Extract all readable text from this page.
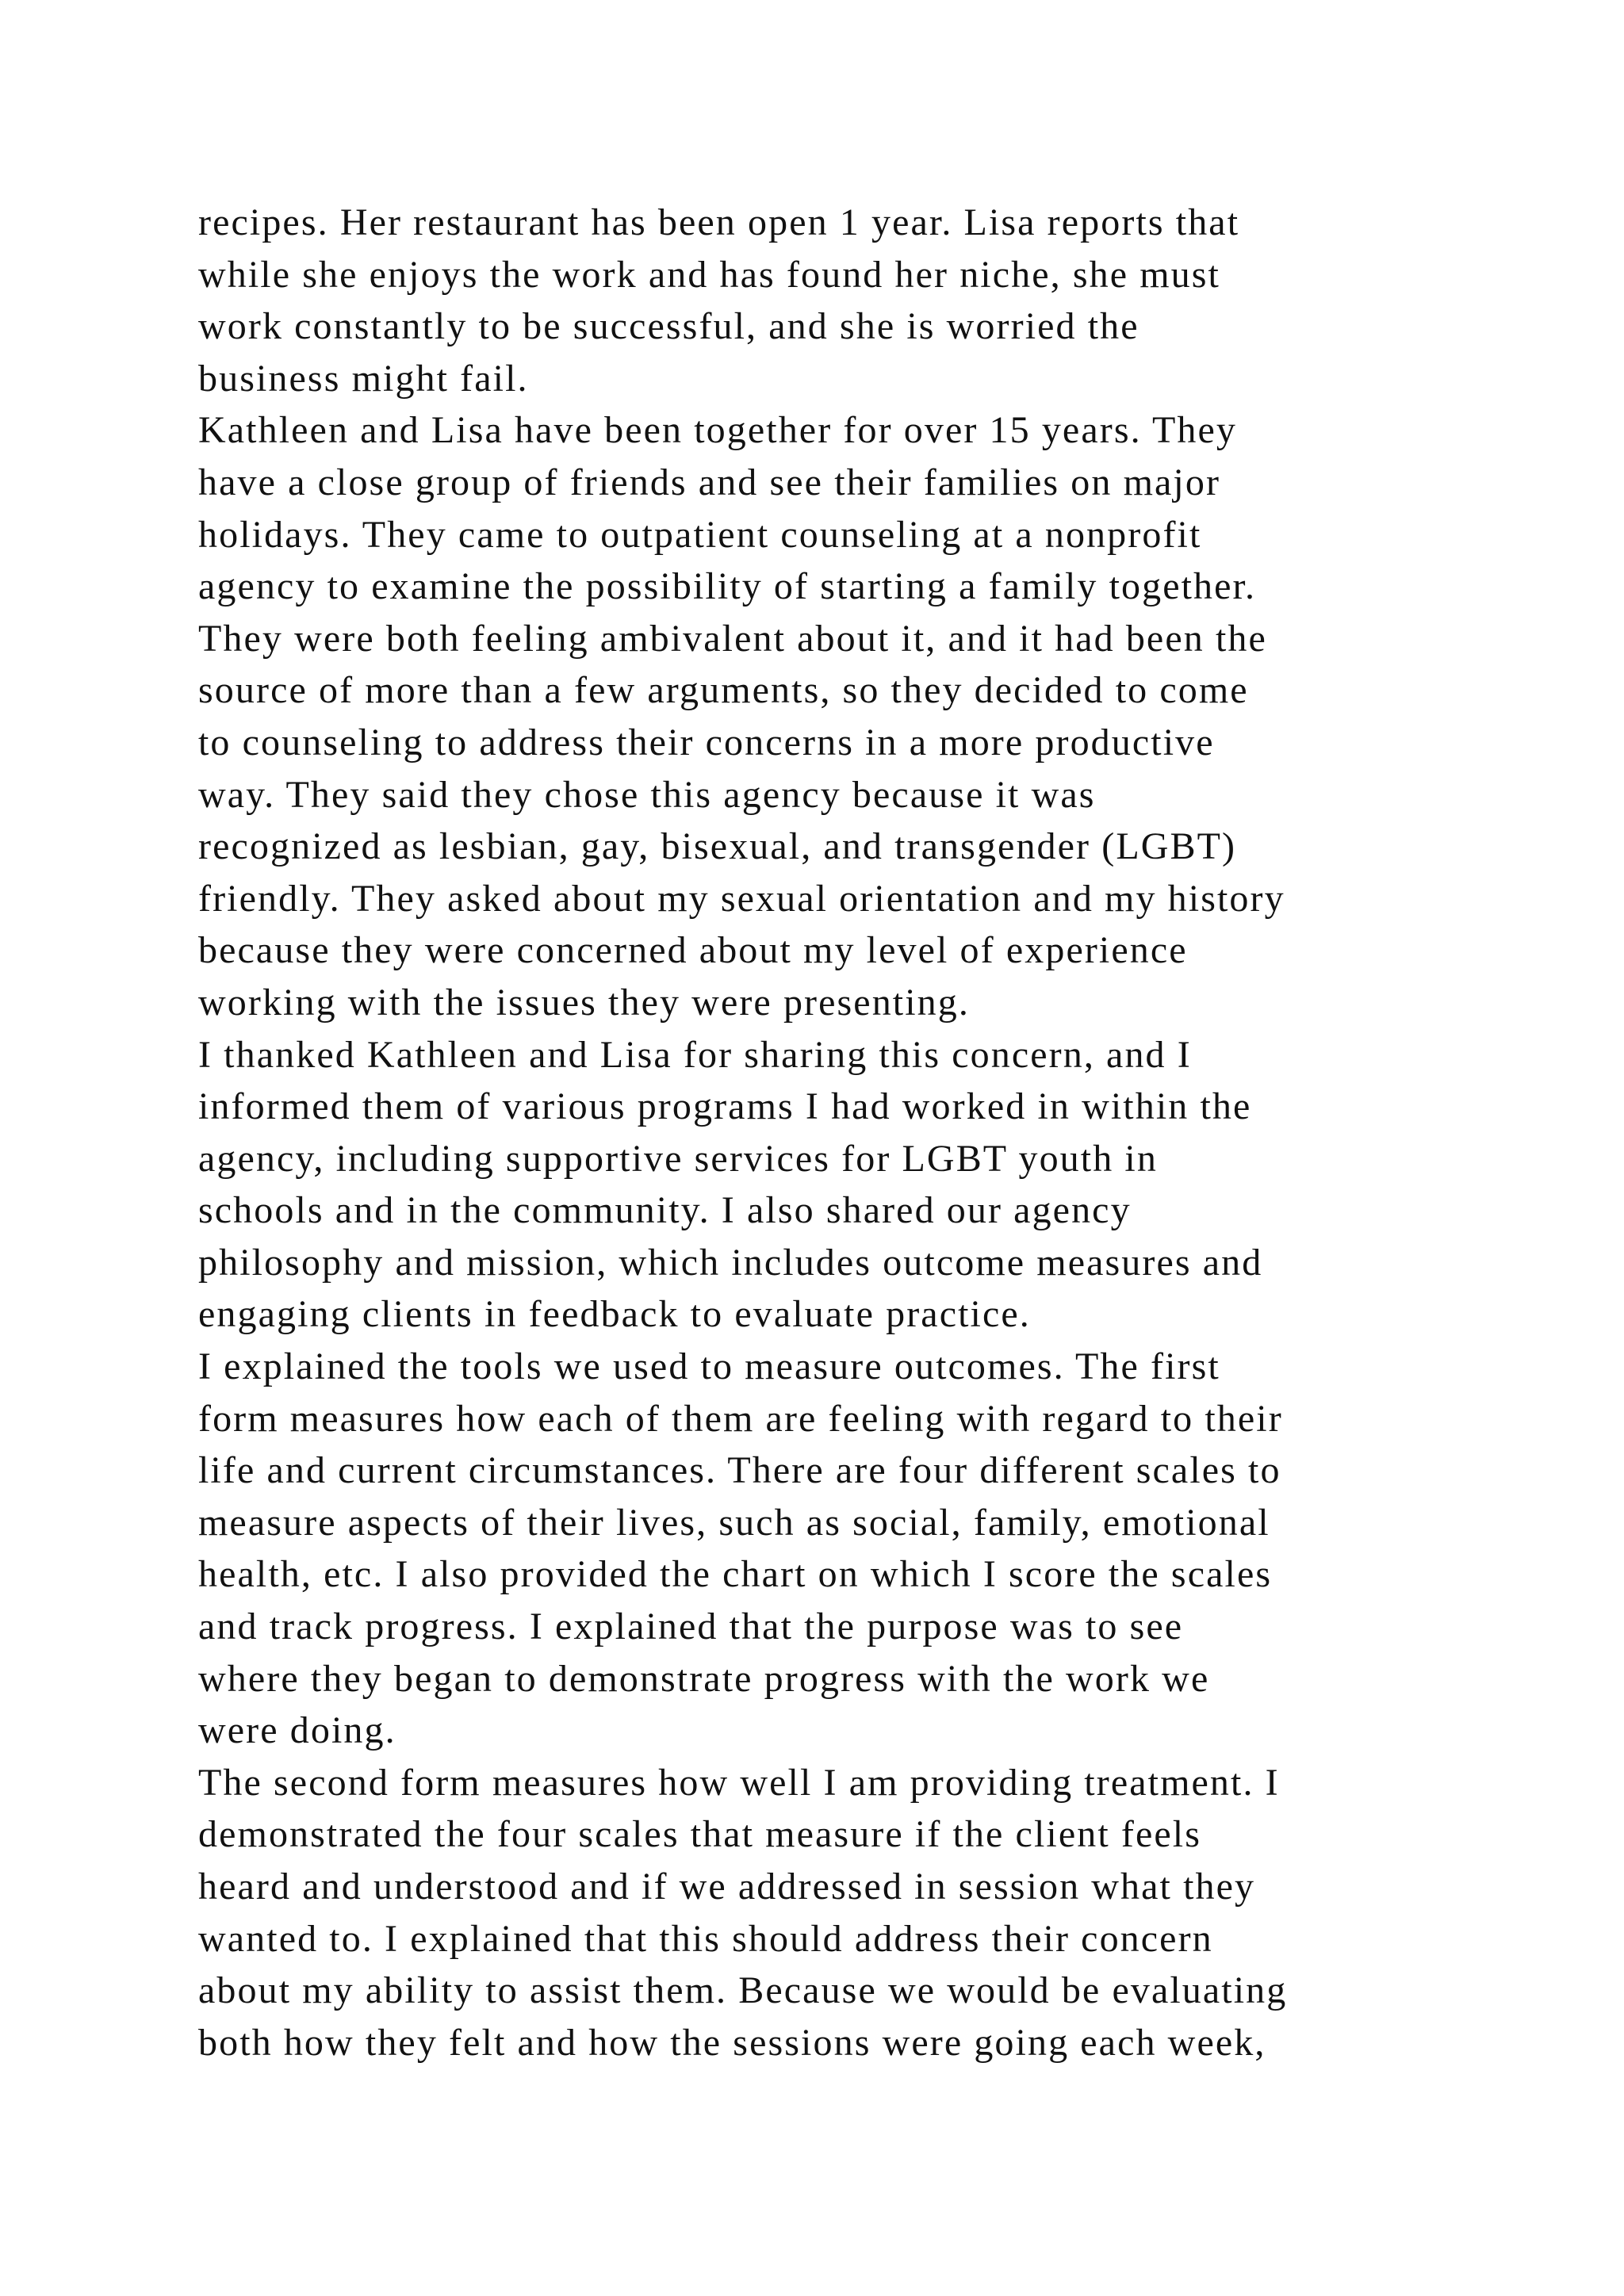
recipes. Her restaurant has been open 1 year. Lisa reports that
while she enjoys the work and has found her niche, she must
work constantly to be successful, and she is worried the
business might fail.
Kathleen and Lisa have been together for over 15 years. They
have a close group of friends and see their families on major
holidays. They came to outpatient counseling at a nonprofit
agency to examine the possibility of starting a family together.
They were both feeling ambivalent about it, and it had been the
source of more than a few arguments, so they decided to come
to counseling to address their concerns in a more productive
way. They said they chose this agency because it was
recognized as lesbian, gay, bisexual, and transgender (LGBT)
friendly. They asked about my sexual orientation and my history
because they were concerned about my level of experience
working with the issues they were presenting.
I thanked Kathleen and Lisa for sharing this concern, and I
informed them of various programs I had worked in within the
agency, including supportive services for LGBT youth in
schools and in the community. I also shared our agency
philosophy and mission, which includes outcome measures and
engaging clients in feedback to evaluate practice.
I explained the tools we used to measure outcomes. The first
form measures how each of them are feeling with regard to their
life and current circumstances. There are four different scales to
measure aspects of their lives, such as social, family, emotional
health, etc. I also provided the chart on which I score the scales
and track progress. I explained that the purpose was to see
where they began to demonstrate progress with the work we
were doing.
The second form measures how well I am providing treatment. I
demonstrated the four scales that measure if the client feels
heard and understood and if we addressed in session what they
wanted to. I explained that this should address their concern
about my ability to assist them. Because we would be evaluating
both how they felt and how the sessions were going each week,
